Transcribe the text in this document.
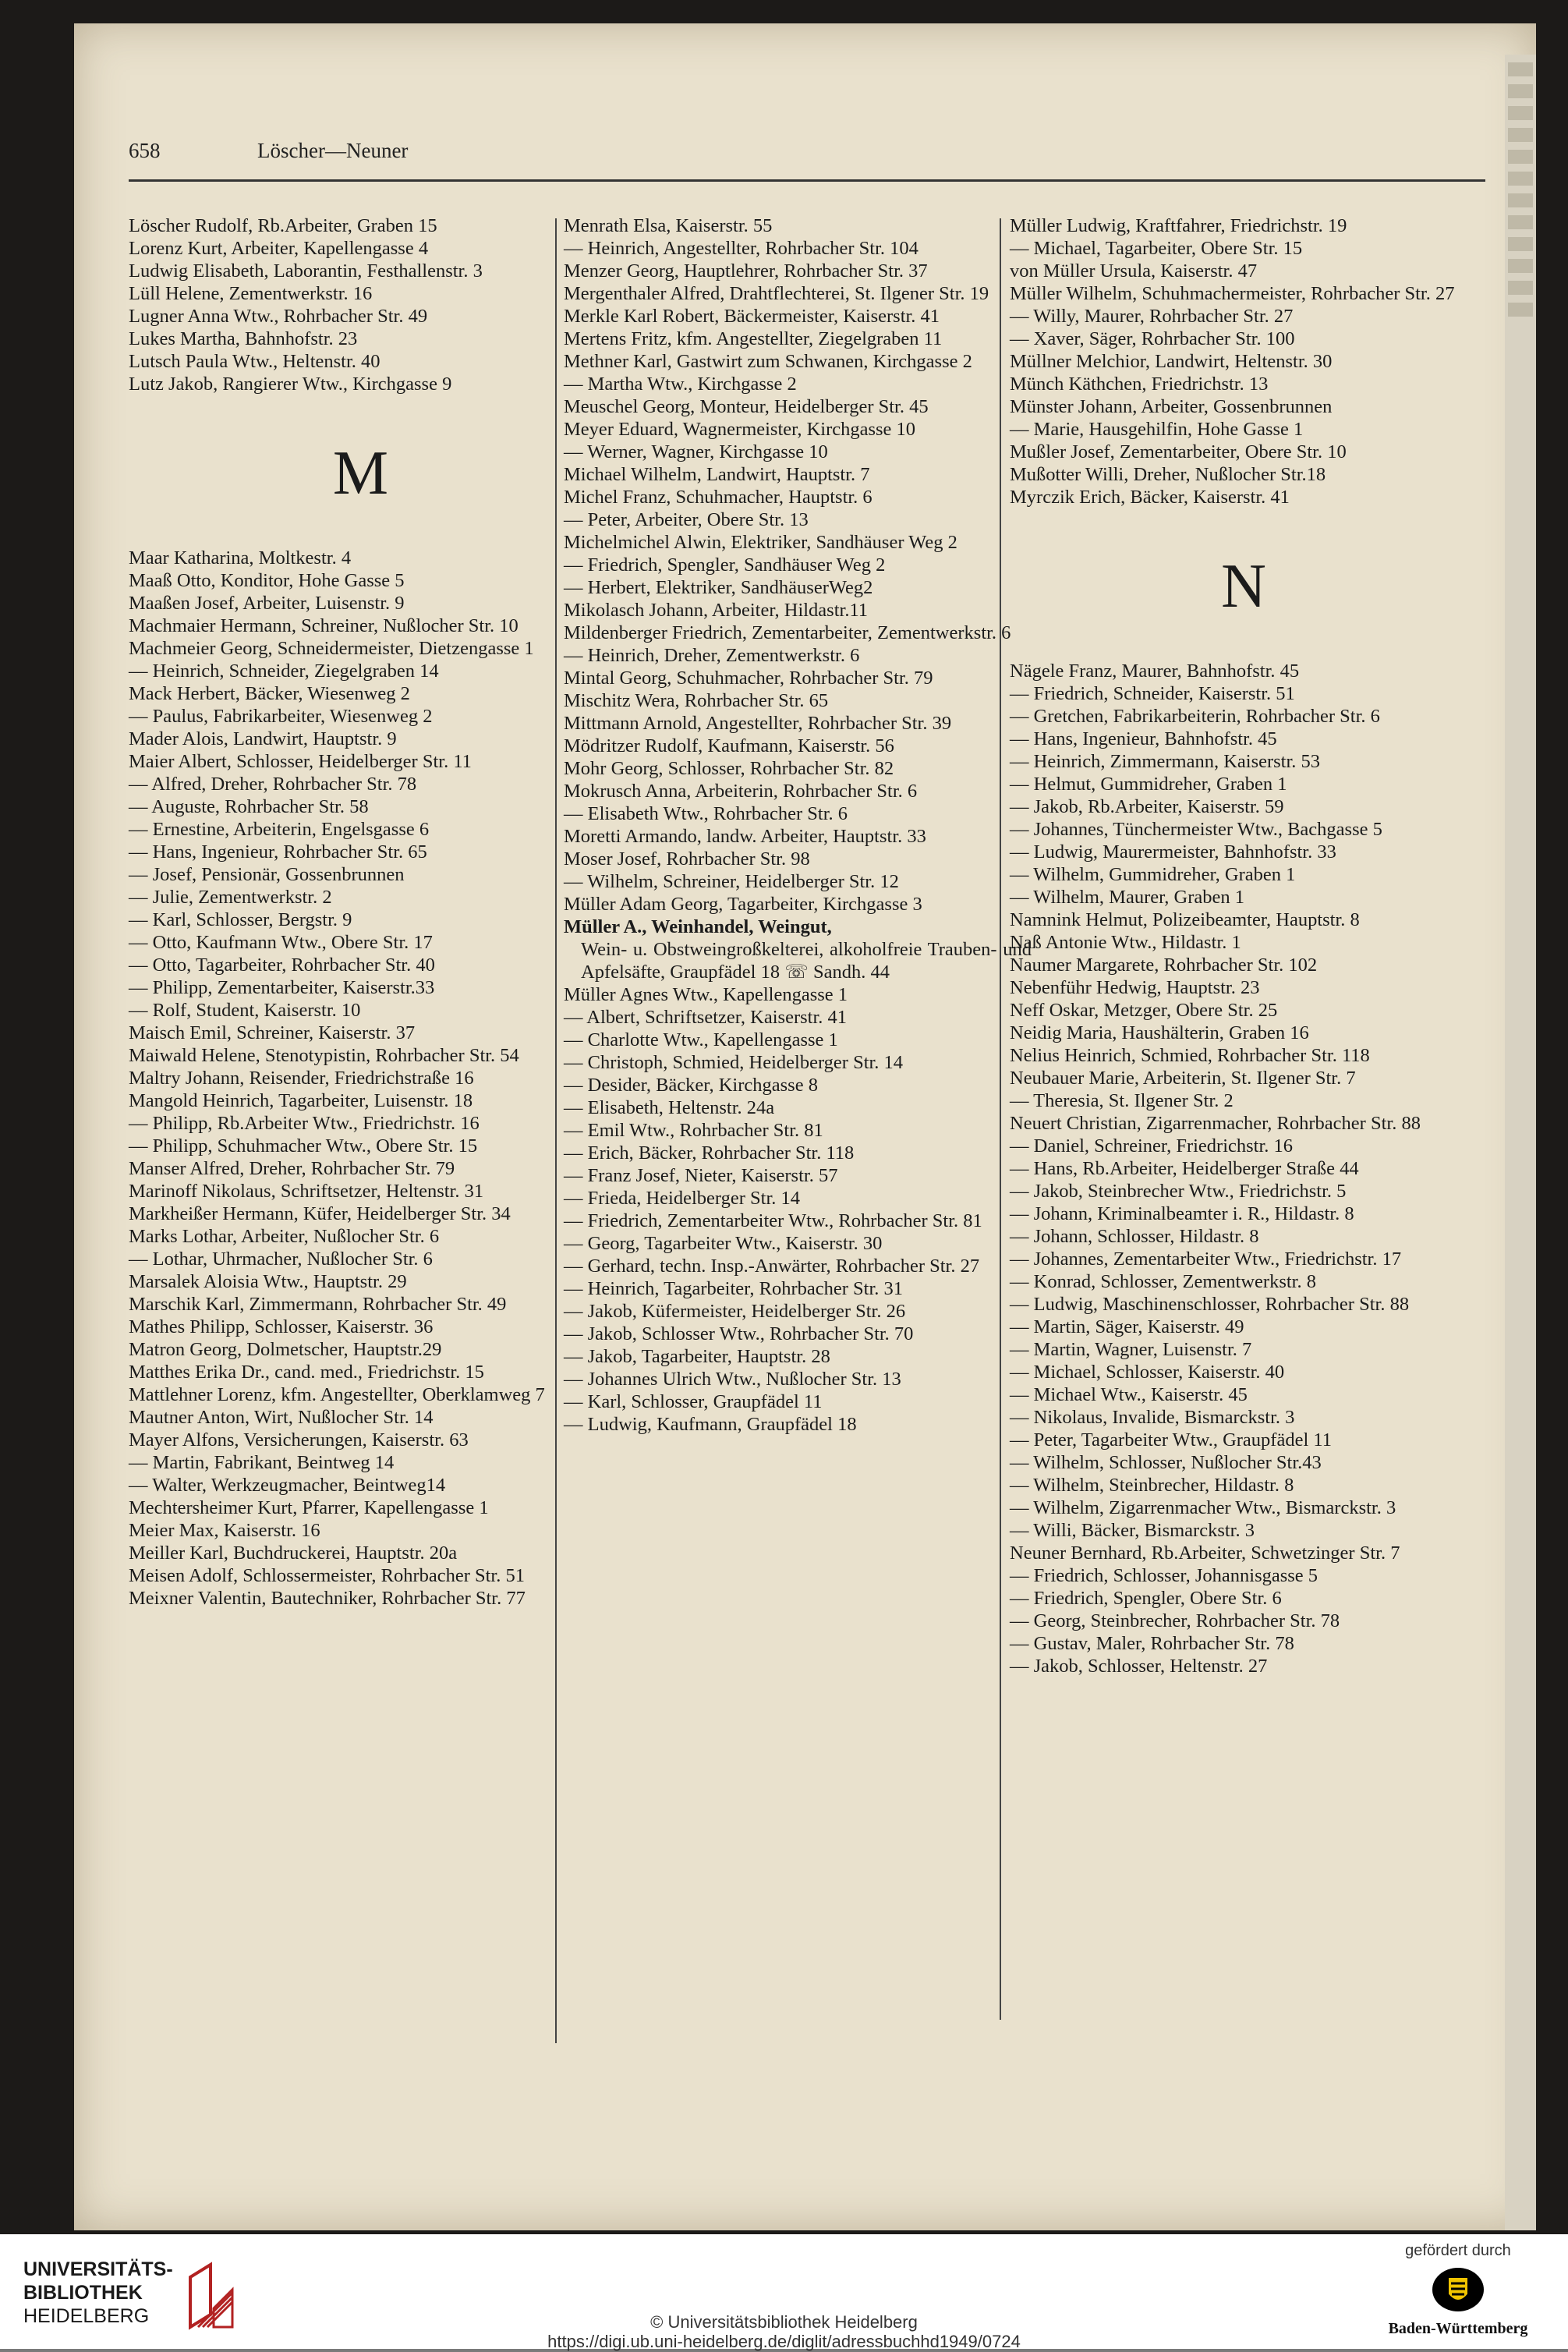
658	Löscher—Neuner
Löscher Rudolf, Rb.Arbeiter, Graben 15
Lorenz Kurt, Arbeiter, Kapellengasse 4
Ludwig Elisabeth, Laborantin, Festhallenstr. 3
Lüll Helene, Zementwerkstr. 16
Lugner Anna Wtw., Rohrbacher Str. 49
Lukes Martha, Bahnhofstr. 23
Lutsch Paula Wtw., Heltenstr. 40
Lutz Jakob, Rangierer Wtw., Kirchgasse 9
M
Maar Katharina, Moltkestr. 4
Maaß Otto, Konditor, Hohe Gasse 5
Maaßen Josef, Arbeiter, Luisenstr. 9
Machmaier Hermann, Schreiner, Nußlocher Str. 10
Machmeier Georg, Schneidermeister, Dietzengasse 1
— Heinrich, Schneider, Ziegelgraben 14
Mack Herbert, Bäcker, Wiesenweg 2
— Paulus, Fabrikarbeiter, Wiesenweg 2
Mader Alois, Landwirt, Hauptstr. 9
Maier Albert, Schlosser, Heidelberger Str. 11
— Alfred, Dreher, Rohrbacher Str. 78
— Auguste, Rohrbacher Str. 58
— Ernestine, Arbeiterin, Engelsgasse 6
— Hans, Ingenieur, Rohrbacher Str. 65
— Josef, Pensionär, Gossenbrunnen
— Julie, Zementwerkstr. 2
— Karl, Schlosser, Bergstr. 9
— Otto, Kaufmann Wtw., Obere Str. 17
— Otto, Tagarbeiter, Rohrbacher Str. 40
— Philipp, Zementarbeiter, Kaiserstr.33
— Rolf, Student, Kaiserstr. 10
Maisch Emil, Schreiner, Kaiserstr. 37
Maiwald Helene, Stenotypistin, Rohrbacher Str. 54
Maltry Johann, Reisender, Friedrichstraße 16
Mangold Heinrich, Tagarbeiter, Luisenstr. 18
— Philipp, Rb.Arbeiter Wtw., Friedrichstr. 16
— Philipp, Schuhmacher Wtw., Obere Str. 15
Manser Alfred, Dreher, Rohrbacher Str. 79
Marinoff Nikolaus, Schriftsetzer, Heltenstr. 31
Markheißer Hermann, Küfer, Heidelberger Str. 34
Marks Lothar, Arbeiter, Nußlocher Str. 6
— Lothar, Uhrmacher, Nußlocher Str. 6
Marsalek Aloisia Wtw., Hauptstr. 29
Marschik Karl, Zimmermann, Rohrbacher Str. 49
Mathes Philipp, Schlosser, Kaiserstr. 36
Matron Georg, Dolmetscher, Hauptstr.29
Matthes Erika Dr., cand. med., Friedrichstr. 15
Mattlehner Lorenz, kfm. Angestellter, Oberklamweg 7
Mautner Anton, Wirt, Nußlocher Str. 14
Mayer Alfons, Versicherungen, Kaiserstr. 63
— Martin, Fabrikant, Beintweg 14
— Walter, Werkzeugmacher, Beintweg14
Mechtersheimer Kurt, Pfarrer, Kapellengasse 1
Meier Max, Kaiserstr. 16
Meiller Karl, Buchdruckerei, Hauptstr. 20a
Meisen Adolf, Schlossermeister, Rohrbacher Str. 51
Meixner Valentin, Bautechniker, Rohrbacher Str. 77
Menrath Elsa, Kaiserstr. 55
— Heinrich, Angestellter, Rohrbacher Str. 104
Menzer Georg, Hauptlehrer, Rohrbacher Str. 37
Mergenthaler Alfred, Drahtflechterei, St. Ilgener Str. 19
Merkle Karl Robert, Bäckermeister, Kaiserstr. 41
Mertens Fritz, kfm. Angestellter, Ziegelgraben 11
Methner Karl, Gastwirt zum Schwanen, Kirchgasse 2
— Martha Wtw., Kirchgasse 2
Meuschel Georg, Monteur, Heidelberger Str. 45
Meyer Eduard, Wagnermeister, Kirchgasse 10
— Werner, Wagner, Kirchgasse 10
Michael Wilhelm, Landwirt, Hauptstr. 7
Michel Franz, Schuhmacher, Hauptstr. 6
— Peter, Arbeiter, Obere Str. 13
Michelmichel Alwin, Elektriker, Sandhäuser Weg 2
— Friedrich, Spengler, Sandhäuser Weg 2
— Herbert, Elektriker, SandhäuserWeg2
Mikolasch Johann, Arbeiter, Hildastr.11
Mildenberger Friedrich, Zementarbeiter, Zementwerkstr. 6
— Heinrich, Dreher, Zementwerkstr. 6
Mintal Georg, Schuhmacher, Rohrbacher Str. 79
Mischitz Wera, Rohrbacher Str. 65
Mittmann Arnold, Angestellter, Rohrbacher Str. 39
Mödritzer Rudolf, Kaufmann, Kaiserstr. 56
Mohr Georg, Schlosser, Rohrbacher Str. 82
Mokrusch Anna, Arbeiterin, Rohrbacher Str. 6
— Elisabeth Wtw., Rohrbacher Str. 6
Moretti Armando, landw. Arbeiter, Hauptstr. 33
Moser Josef, Rohrbacher Str. 98
— Wilhelm, Schreiner, Heidelberger Str. 12
Müller Adam Georg, Tagarbeiter, Kirchgasse 3
Müller A., Weinhandel, Weingut,
Wein- u. Obstweingroßkelterei, alkoholfreie Trauben- und Apfelsäfte, Graupfädel 18 ☏ Sandh. 44
Müller Agnes Wtw., Kapellengasse 1
— Albert, Schriftsetzer, Kaiserstr. 41
— Charlotte Wtw., Kapellengasse 1
— Christoph, Schmied, Heidelberger Str. 14
— Desider, Bäcker, Kirchgasse 8
— Elisabeth, Heltenstr. 24a
— Emil Wtw., Rohrbacher Str. 81
— Erich, Bäcker, Rohrbacher Str. 118
— Franz Josef, Nieter, Kaiserstr. 57
— Frieda, Heidelberger Str. 14
— Friedrich, Zementarbeiter Wtw., Rohrbacher Str. 81
— Georg, Tagarbeiter Wtw., Kaiserstr. 30
— Gerhard, techn. Insp.-Anwärter, Rohrbacher Str. 27
— Heinrich, Tagarbeiter, Rohrbacher Str. 31
— Jakob, Küfermeister, Heidelberger Str. 26
— Jakob, Schlosser Wtw., Rohrbacher Str. 70
— Jakob, Tagarbeiter, Hauptstr. 28
— Johannes Ulrich Wtw., Nußlocher Str. 13
— Karl, Schlosser, Graupfädel 11
— Ludwig, Kaufmann, Graupfädel 18
Müller Ludwig, Kraftfahrer, Friedrichstr. 19
— Michael, Tagarbeiter, Obere Str. 15
von Müller Ursula, Kaiserstr. 47
Müller Wilhelm, Schuhmachermeister, Rohrbacher Str. 27
— Willy, Maurer, Rohrbacher Str. 27
— Xaver, Säger, Rohrbacher Str. 100
Müllner Melchior, Landwirt, Heltenstr. 30
Münch Käthchen, Friedrichstr. 13
Münster Johann, Arbeiter, Gossenbrunnen
— Marie, Hausgehilfin, Hohe Gasse 1
Mußler Josef, Zementarbeiter, Obere Str. 10
Mußotter Willi, Dreher, Nußlocher Str.18
Myrczik Erich, Bäcker, Kaiserstr. 41
N
Nägele Franz, Maurer, Bahnhofstr. 45
— Friedrich, Schneider, Kaiserstr. 51
— Gretchen, Fabrikarbeiterin, Rohrbacher Str. 6
— Hans, Ingenieur, Bahnhofstr. 45
— Heinrich, Zimmermann, Kaiserstr. 53
— Helmut, Gummidreher, Graben 1
— Jakob, Rb.Arbeiter, Kaiserstr. 59
— Johannes, Tünchermeister Wtw., Bachgasse 5
— Ludwig, Maurermeister, Bahnhofstr. 33
— Wilhelm, Gummidreher, Graben 1
— Wilhelm, Maurer, Graben 1
Namnink Helmut, Polizeibeamter, Hauptstr. 8
Naß Antonie Wtw., Hildastr. 1
Naumer Margarete, Rohrbacher Str. 102
Nebenführ Hedwig, Hauptstr. 23
Neff Oskar, Metzger, Obere Str. 25
Neidig Maria, Haushälterin, Graben 16
Nelius Heinrich, Schmied, Rohrbacher Str. 118
Neubauer Marie, Arbeiterin, St. Ilgener Str. 7
— Theresia, St. Ilgener Str. 2
Neuert Christian, Zigarrenmacher, Rohrbacher Str. 88
— Daniel, Schreiner, Friedrichstr. 16
— Hans, Rb.Arbeiter, Heidelberger Straße 44
— Jakob, Steinbrecher Wtw., Friedrichstr. 5
— Johann, Kriminalbeamter i. R., Hildastr. 8
— Johann, Schlosser, Hildastr. 8
— Johannes, Zementarbeiter Wtw., Friedrichstr. 17
— Konrad, Schlosser, Zementwerkstr. 8
— Ludwig, Maschinenschlosser, Rohrbacher Str. 88
— Martin, Säger, Kaiserstr. 49
— Martin, Wagner, Luisenstr. 7
— Michael, Schlosser, Kaiserstr. 40
— Michael Wtw., Kaiserstr. 45
— Nikolaus, Invalide, Bismarckstr. 3
— Peter, Tagarbeiter Wtw., Graupfädel 11
— Wilhelm, Schlosser, Nußlocher Str.43
— Wilhelm, Steinbrecher, Hildastr. 8
— Wilhelm, Zigarrenmacher Wtw., Bismarckstr. 3
— Willi, Bäcker, Bismarckstr. 3
Neuner Bernhard, Rb.Arbeiter, Schwetzinger Str. 7
— Friedrich, Schlosser, Johannisgasse 5
— Friedrich, Spengler, Obere Str. 6
— Georg, Steinbrecher, Rohrbacher Str. 78
— Gustav, Maler, Rohrbacher Str. 78
— Jakob, Schlosser, Heltenstr. 27
UNIVERSITÄTS-
BIBLIOTHEK
HEIDELBERG	© Universitätsbibliothek Heidelberg
https://digi.ub.uni-heidelberg.de/diglit/adressbuchhd1949/0724
gefördert durch
Baden-Württemberg
